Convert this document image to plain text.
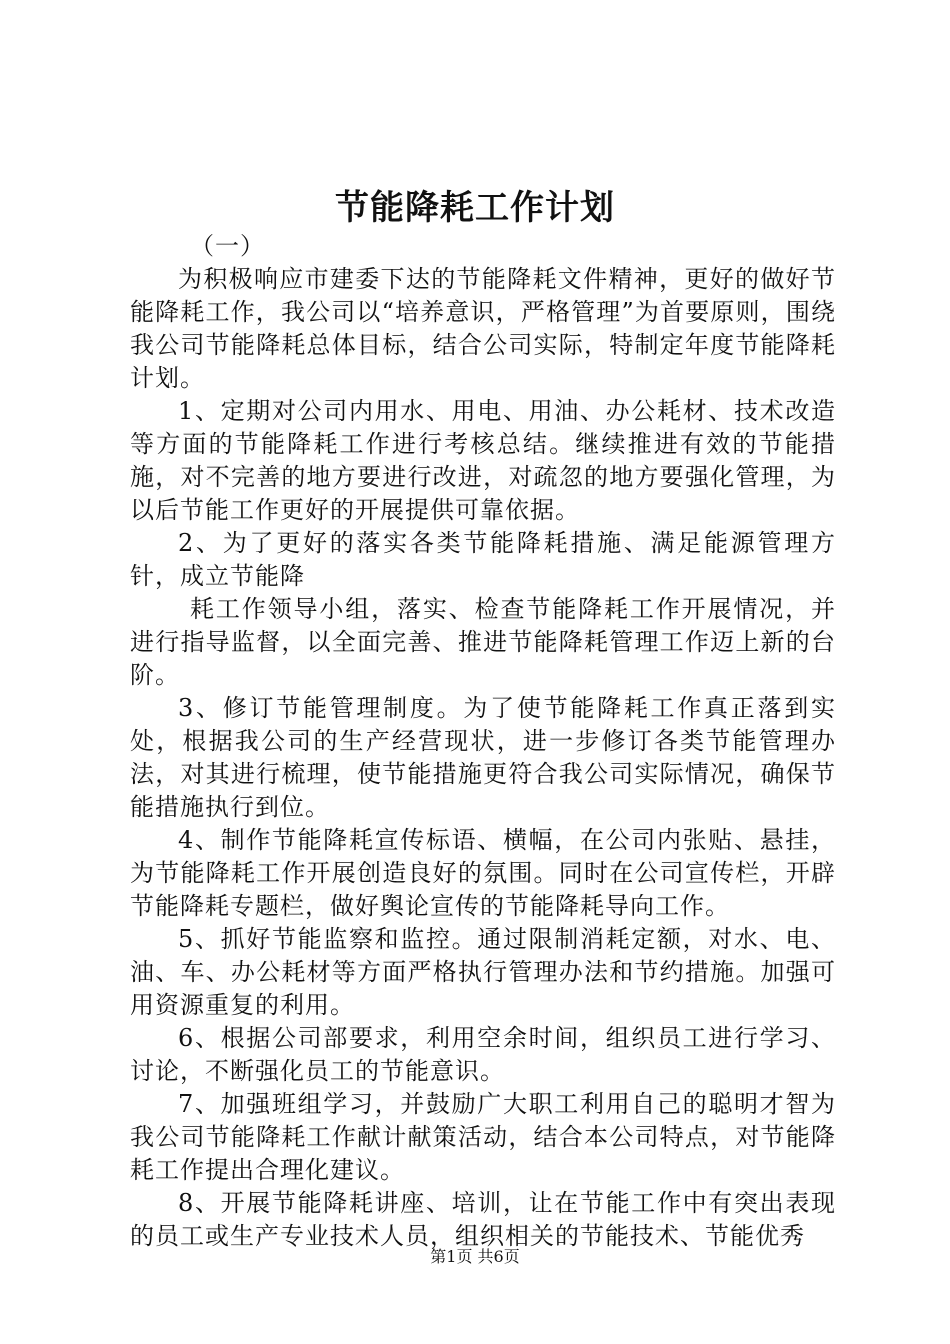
节能降耗工作计划

（一）

为积极响应市建委下达的节能降耗文件精神，更好的做好节能降耗工作，我公司以“培养意识，严格管理”为首要原则，围绕我公司节能降耗总体目标，结合公司实际，特制定年度节能降耗计划。

1、定期对公司内用水、用电、用油、办公耗材、技术改造等方面的节能降耗工作进行考核总结。继续推进有效的节能措施，对不完善的地方要进行改进，对疏忽的地方要强化管理，为以后节能工作更好的开展提供可靠依据。

2、为了更好的落实各类节能降耗措施、满足能源管理方针，成立节能降

耗工作领导小组，落实、检查节能降耗工作开展情况，并进行指导监督，以全面完善、推进节能降耗管理工作迈上新的台阶。

3、修订节能管理制度。为了使节能降耗工作真正落到实处，根据我公司的生产经营现状，进一步修订各类节能管理办法，对其进行梳理，使节能措施更符合我公司实际情况，确保节能措施执行到位。

4、制作节能降耗宣传标语、横幅，在公司内张贴、悬挂，为节能降耗工作开展创造良好的氛围。同时在公司宣传栏，开辟节能降耗专题栏，做好舆论宣传的节能降耗导向工作。

5、抓好节能监察和监控。通过限制消耗定额，对水、电、油、车、办公耗材等方面严格执行管理办法和节约措施。加强可用资源重复的利用。

6、根据公司部要求，利用空余时间，组织员工进行学习、讨论，不断强化员工的节能意识。

7、加强班组学习，并鼓励广大职工利用自己的聪明才智为我公司节能降耗工作献计献策活动，结合本公司特点，对节能降耗工作提出合理化建议。

8、开展节能降耗讲座、培训，让在节能工作中有突出表现的员工或生产专业技术人员，组织相关的节能技术、节能优秀

第1页 共6页
